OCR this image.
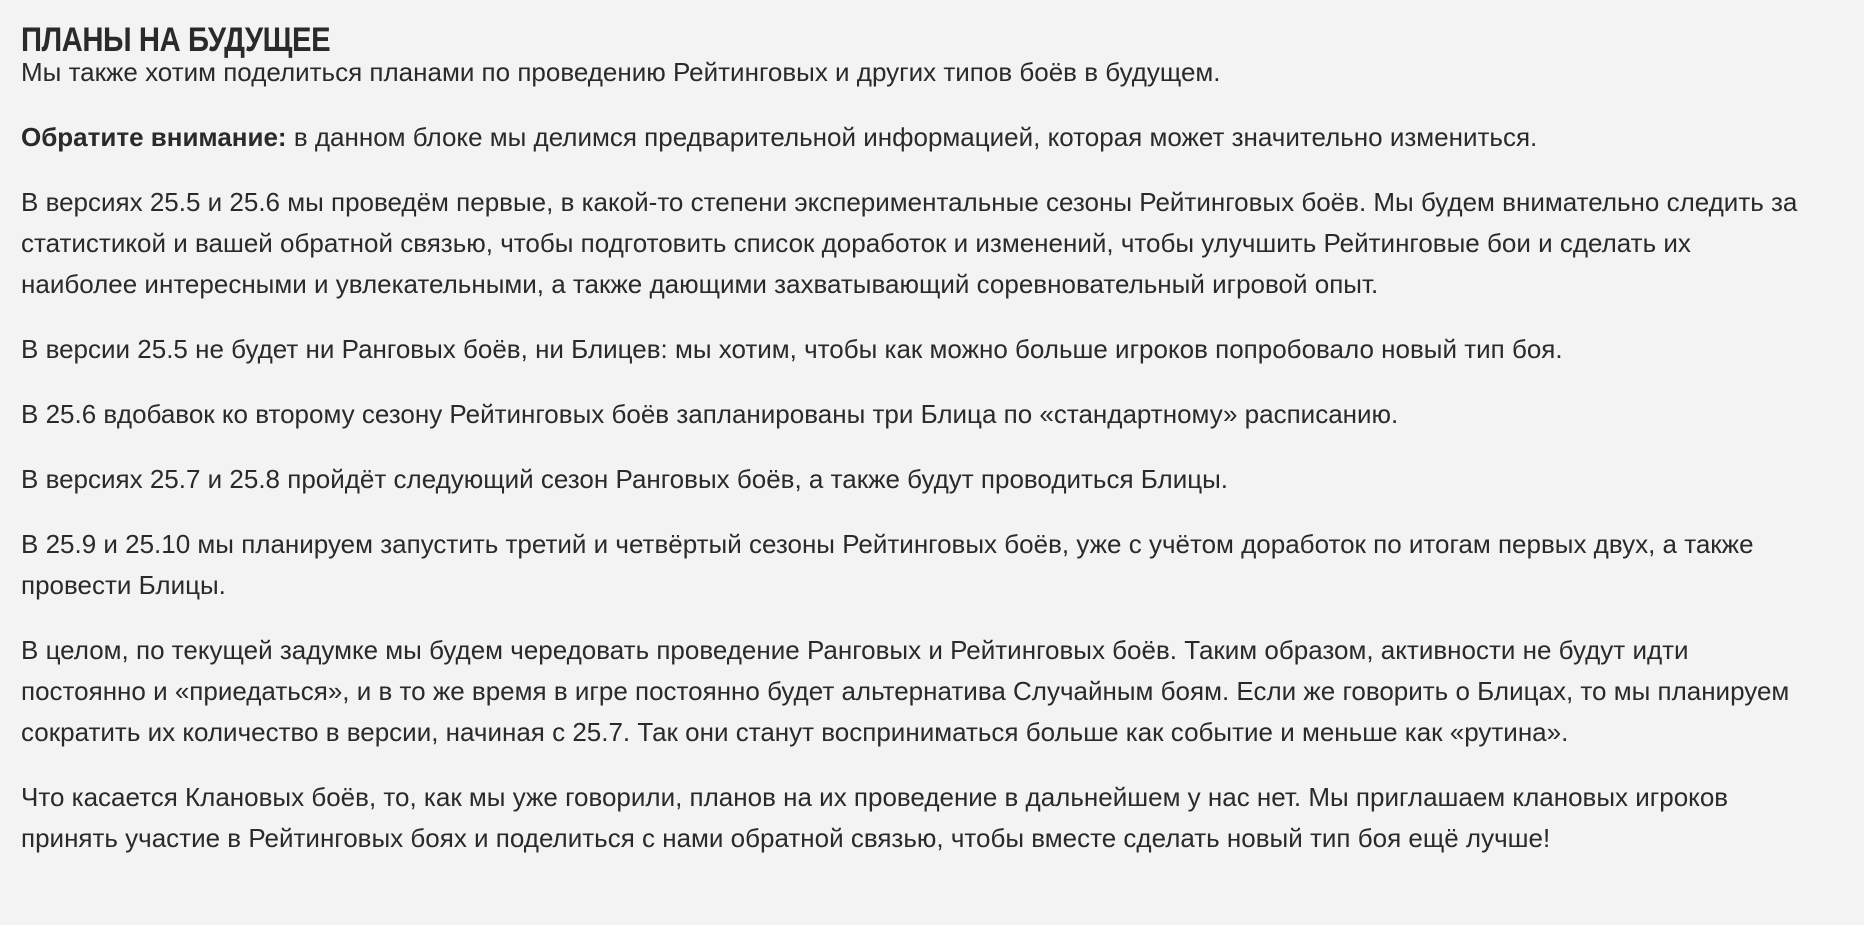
ПЛАНЫ НА БУДУЩЕЕ

Мы также хотим поделиться планами по проведению Рейтинговых и других типов боёв в будущем.

Обратите внимание: в данном блоке мы делимся предварительной информацией, которая может значительно измениться.

В версиях 25.5 и 25.6 мы проведём первые, в какой-то степени экспериментальные сезоны Рейтинговых боёв. Мы будем внимательно следить за статистикой и вашей обратной связью, чтобы подготовить список доработок и изменений, чтобы улучшить Рейтинговые бои и сделать их наиболее интересными и увлекательными, а также дающими захватывающий соревновательный игровой опыт.

В версии 25.5 не будет ни Ранговых боёв, ни Блицев: мы хотим, чтобы как можно больше игроков попробовало новый тип боя.

В 25.6 вдобавок ко второму сезону Рейтинговых боёв запланированы три Блица по «стандартному» расписанию.

В версиях 25.7 и 25.8 пройдёт следующий сезон Ранговых боёв, а также будут проводиться Блицы.

В 25.9 и 25.10 мы планируем запустить третий и четвёртый сезоны Рейтинговых боёв, уже с учётом доработок по итогам первых двух, а также провести Блицы.

В целом, по текущей задумке мы будем чередовать проведение Ранговых и Рейтинговых боёв. Таким образом, активности не будут идти постоянно и «приедаться», и в то же время в игре постоянно будет альтернатива Случайным боям. Если же говорить о Блицах, то мы планируем сократить их количество в версии, начиная с 25.7. Так они станут восприниматься больше как событие и меньше как «рутина».

Что касается Клановых боёв, то, как мы уже говорили, планов на их проведение в дальнейшем у нас нет. Мы приглашаем клановых игроков принять участие в Рейтинговых боях и поделиться с нами обратной связью, чтобы вместе сделать новый тип боя ещё лучше!
